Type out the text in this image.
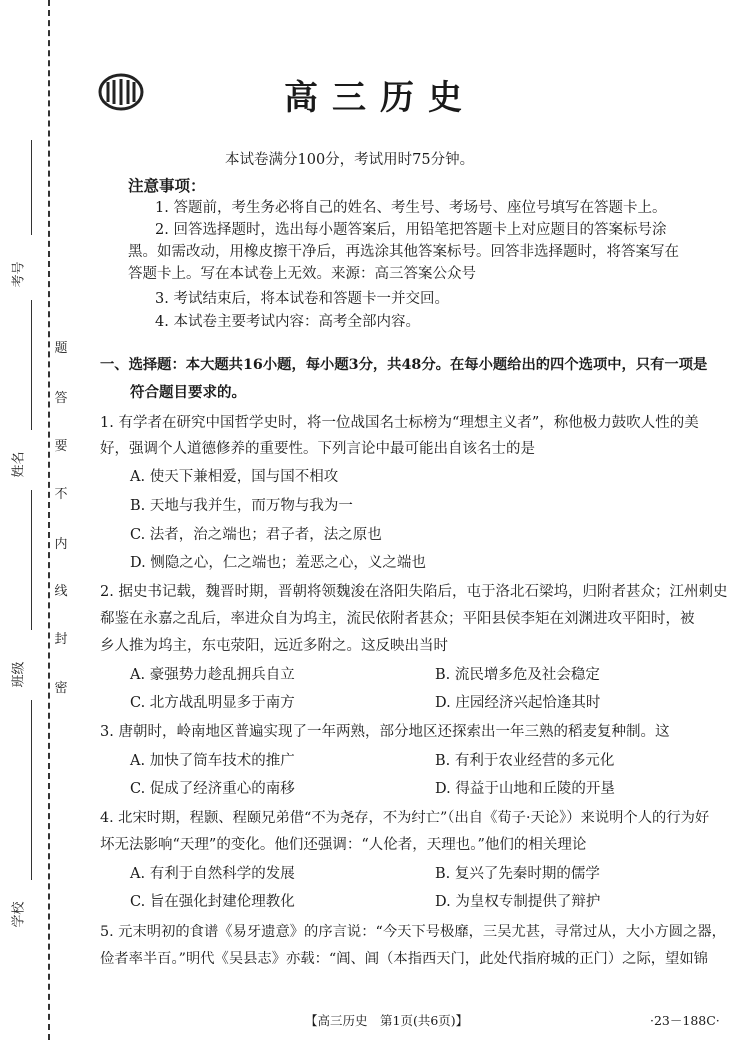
考号
姓名
班级
学校
题
答
要
不
内
线
封
密
高三历史
本试卷满分100分，考试用时75分钟。
注意事项：
1. 答题前，考生务必将自己的姓名、考生号、考场号、座位号填写在答题卡上。
2. 回答选择题时，选出每小题答案后，用铅笔把答题卡上对应题目的答案标号涂
黑。如需改动，用橡皮擦干净后，再选涂其他答案标号。回答非选择题时，将答案写在
答题卡上。写在本试卷上无效。来源：高三答案公众号
3. 考试结束后，将本试卷和答题卡一并交回。
4. 本试卷主要考试内容：高考全部内容。
一、选择题：本大题共16小题，每小题3分，共48分。在每小题给出的四个选项中，只有一项是
符合题目要求的。
1. 有学者在研究中国哲学史时，将一位战国名士标榜为“理想主义者”，称他极力鼓吹人性的美
好，强调个人道德修养的重要性。下列言论中最可能出自该名士的是
A. 使天下兼相爱，国与国不相攻
B. 天地与我并生，而万物与我为一
C. 法者，治之端也；君子者，法之原也
D. 恻隐之心，仁之端也；羞恶之心，义之端也
2. 据史书记载，魏晋时期，晋朝将领魏浚在洛阳失陷后，屯于洛北石梁坞，归附者甚众；江州刺史
郗鉴在永嘉之乱后，率进众自为坞主，流民依附者甚众；平阳县侯李矩在刘渊进攻平阳时，被
乡人推为坞主，东屯荥阳，远近多附之。这反映出当时
A. 豪强势力趁乱拥兵自立	B. 流民增多危及社会稳定
C. 北方战乱明显多于南方	D. 庄园经济兴起恰逢其时
3. 唐朝时，岭南地区普遍实现了一年两熟，部分地区还探索出一年三熟的稻麦复种制。这
A. 加快了筒车技术的推广	B. 有利于农业经营的多元化
C. 促成了经济重心的南移	D. 得益于山地和丘陵的开垦
4. 北宋时期，程颢、程颐兄弟借“不为尧存，不为纣亡”（出自《荀子·天论》）来说明个人的行为好
坏无法影响“天理”的变化。他们还强调：“人伦者，天理也。”他们的相关理论
A. 有利于自然科学的发展	B. 复兴了先秦时期的儒学
C. 旨在强化封建伦理教化	D. 为皇权专制提供了辩护
5. 元末明初的食谱《易牙遗意》的序言说：“今天下号极靡，三吴尤甚，寻常过从，大小方圆之器，
俭者率半百。”明代《吴县志》亦载：“阊、阊（本指西天门，此处代指府城的正门）之际，望如锦
【高三历史　第1页(共6页)】	·23－188C·
